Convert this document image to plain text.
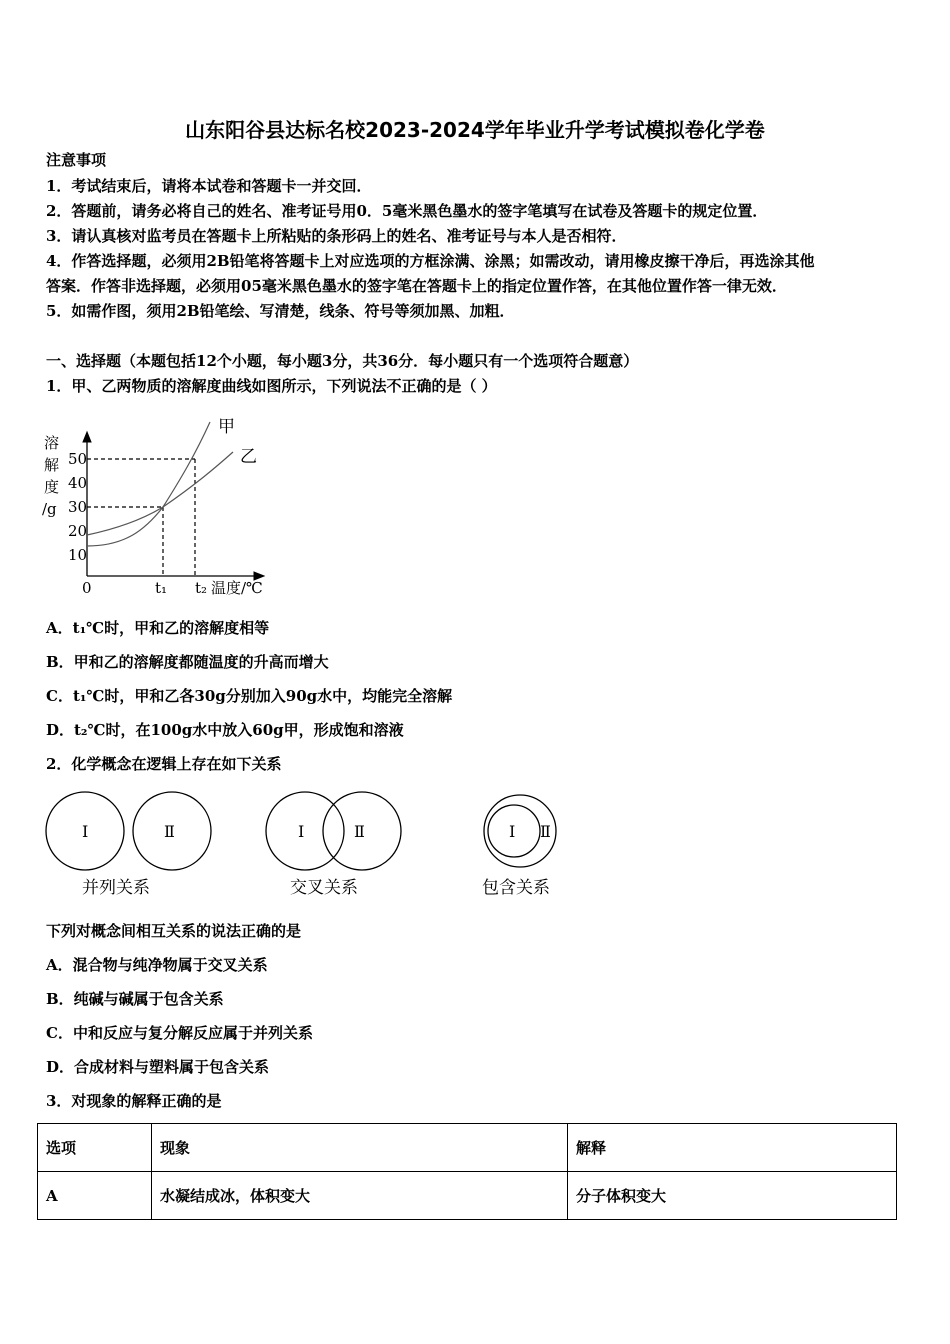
山东阳谷县达标名校2023-2024学年毕业升学考试模拟卷化学卷
注意事项
1．考试结束后，请将本试卷和答题卡一并交回．
2．答题前，请务必将自己的姓名、准考证号用0．5毫米黑色墨水的签字笔填写在试卷及答题卡的规定位置．
3．请认真核对监考员在答题卡上所粘贴的条形码上的姓名、准考证号与本人是否相符．
4．作答选择题，必须用2B铅笔将答题卡上对应选项的方框涂满、涂黑；如需改动，请用橡皮擦干净后，再选涂其他
答案．作答非选择题，必须用05毫米黑色墨水的签字笔在答题卡上的指定位置作答，在其他位置作答一律无效．
5．如需作图，须用2B铅笔绘、写清楚，线条、符号等须加黑、加粗．
一、选择题（本题包括12个小题，每小题3分，共36分．每小题只有一个选项符合题意）
1．甲、乙两物质的溶解度曲线如图所示，下列说法不正确的是（ ）
溶
解
度
/g
50
40
30
20
10
0	t₁ t₂ 温度/℃
甲
乙
A．t₁℃时，甲和乙的溶解度相等
B．甲和乙的溶解度都随温度的升高而增大
C．t₁℃时，甲和乙各30g分别加入90g水中，均能完全溶解
D．t₂℃时，在100g水中放入60g甲，形成饱和溶液
2．化学概念在逻辑上存在如下关系
Ⅰ	Ⅱ	Ⅰ	Ⅱ	Ⅰ Ⅱ
并列关系	交叉关系	包含关系
下列对概念间相互关系的说法正确的是
A．混合物与纯净物属于交叉关系
B．纯碱与碱属于包含关系
C．中和反应与复分解反应属于并列关系
D．合成材料与塑料属于包含关系
3．对现象的解释正确的是
选项	现象	解释
A	水凝结成冰，体积变大	分子体积变大
